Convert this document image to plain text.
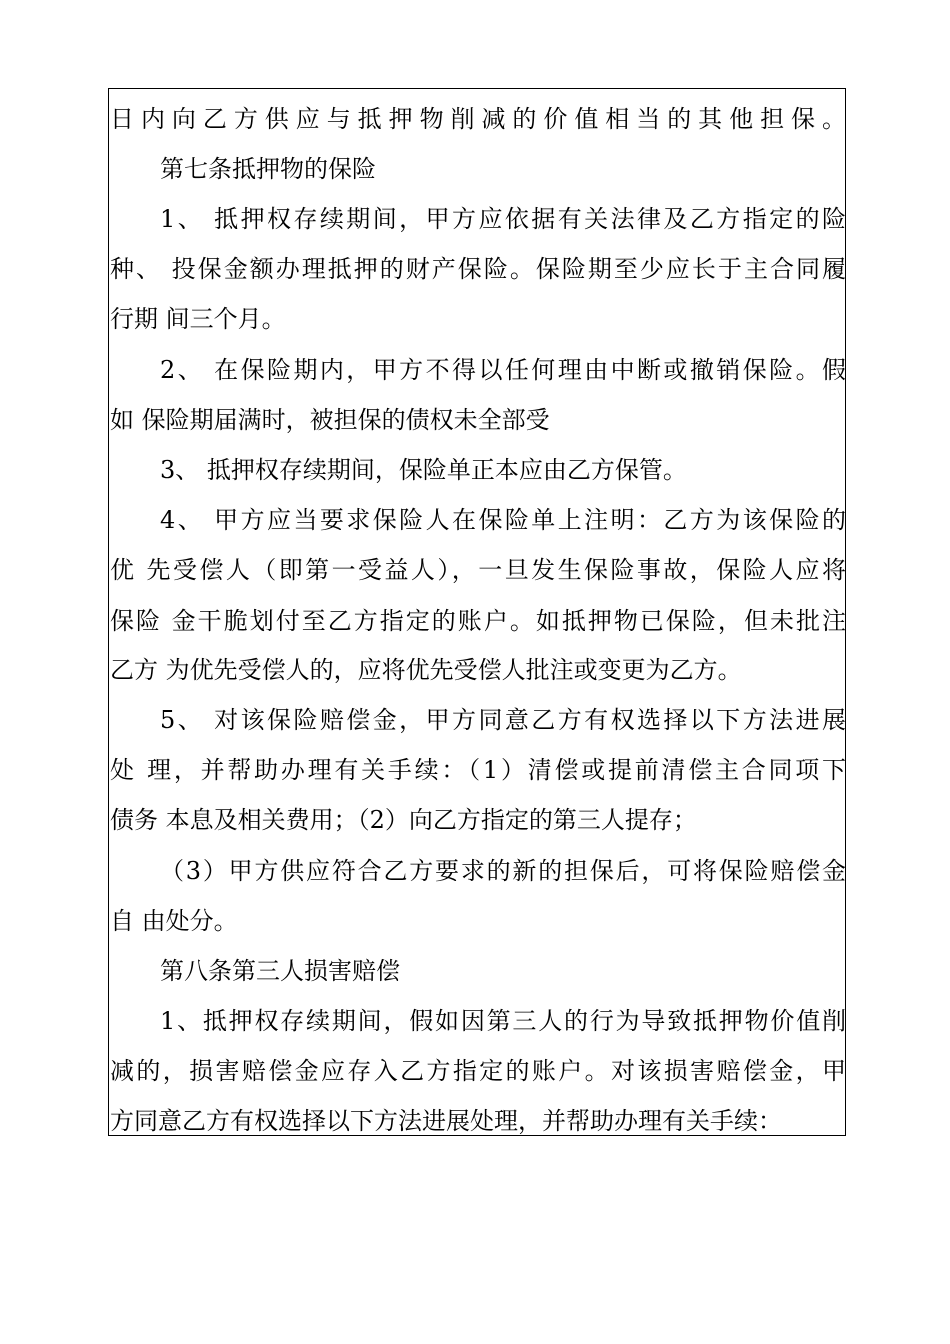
日内向乙方供应与抵押物削减的价值相当的其他担保。
第七条抵押物的保险
1、 抵押权存续期间，甲方应依据有关法律及乙方指定的险
种、 投保金额办理抵押的财产保险。保险期至少应长于主合同履
行期 间三个月。
2、 在保险期内，甲方不得以任何理由中断或撤销保险。假
如 保险期届满时，被担保的债权未全部受
3、 抵押权存续期间，保险单正本应由乙方保管。
4、 甲方应当要求保险人在保险单上注明：乙方为该保险的
优 先受偿人（即第一受益人），一旦发生保险事故，保险人应将
保险 金干脆划付至乙方指定的账户。如抵押物已保险，但未批注
乙方 为优先受偿人的，应将优先受偿人批注或变更为乙方。
5、 对该保险赔偿金，甲方同意乙方有权选择以下方法进展
处 理，并帮助办理有关手续：（1）清偿或提前清偿主合同项下
债务 本息及相关费用；（2）向乙方指定的第三人提存；
（3）甲方供应符合乙方要求的新的担保后，可将保险赔偿金
自 由处分。
第八条第三人损害赔偿
1、抵押权存续期间，假如因第三人的行为导致抵押物价值削
减的，损害赔偿金应存入乙方指定的账户。对该损害赔偿金，甲
方同意乙方有权选择以下方法进展处理，并帮助办理有关手续：
